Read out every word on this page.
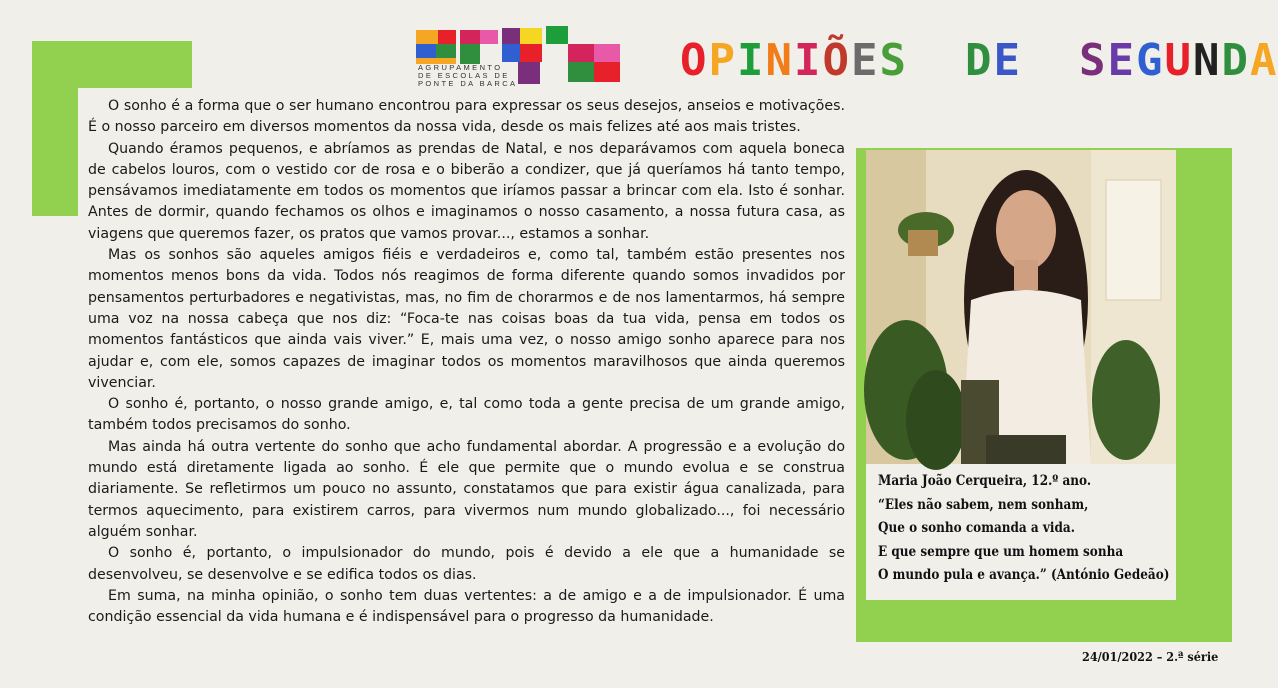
AGRUPAMENTO
DE ESCOLAS DE
PONTE DA BARCA	OPINIÕES DE SEGUNDA

O sonho é a forma que o ser humano encontrou para expressar os seus desejos, anseios e motivações. É o nosso parceiro em diversos momentos da nossa vida, desde os mais felizes até aos mais tristes.

Quando éramos pequenos, e abríamos as prendas de Natal, e nos deparávamos com aquela boneca de cabelos louros, com o vestido cor de rosa e o biberão a condizer, que já queríamos há tanto tempo, pensávamos imediatamente em todos os momentos que iríamos passar a brincar com ela. Isto é sonhar. Antes de dormir, quando fechamos os olhos e imaginamos o nosso casamento, a nossa futura casa, as viagens que queremos fazer, os pratos que vamos provar..., estamos a sonhar.

Mas os sonhos são aqueles amigos fiéis e verdadeiros e, como tal, também estão presentes nos momentos menos bons da vida. Todos nós reagimos de forma diferente quando somos invadidos por pensamentos perturbadores e negativistas, mas, no fim de chorarmos e de nos lamentarmos, há sempre uma voz na nossa cabeça que nos diz: “Foca-te nas coisas boas da tua vida, pensa em todos os momentos fantásticos que ainda vais viver.” E, mais uma vez, o nosso amigo sonho aparece para nos ajudar e, com ele, somos capazes de imaginar todos os momentos maravilhosos que ainda queremos vivenciar.

O sonho é, portanto, o nosso grande amigo, e, tal como toda a gente precisa de um grande amigo, também todos precisamos do sonho.

Mas ainda há outra vertente do sonho que acho fundamental abordar. A progressão e a evolução do mundo está diretamente ligada ao sonho. É ele que permite que o mundo evolua e se construa diariamente. Se refletirmos um pouco no assunto, constatamos que para existir água canalizada, para termos aquecimento, para existirem carros, para vivermos num mundo globalizado..., foi necessário alguém sonhar.

O sonho é, portanto, o impulsionador do mundo, pois é devido a ele que a humanidade se desenvolveu, se desenvolve e se edifica todos os dias.

Em suma, na minha opinião, o sonho tem duas vertentes: a de amigo e a de impulsionador. É uma condição essencial da vida humana e é indispensável para o progresso da humanidade.

Maria João Cerqueira, 12.º ano.
“Eles não sabem, nem sonham,
Que o sonho comanda a vida.
E que sempre que um homem sonha
O mundo pula e avança.” (António Gedeão)
24/01/2022 – 2.ª série
